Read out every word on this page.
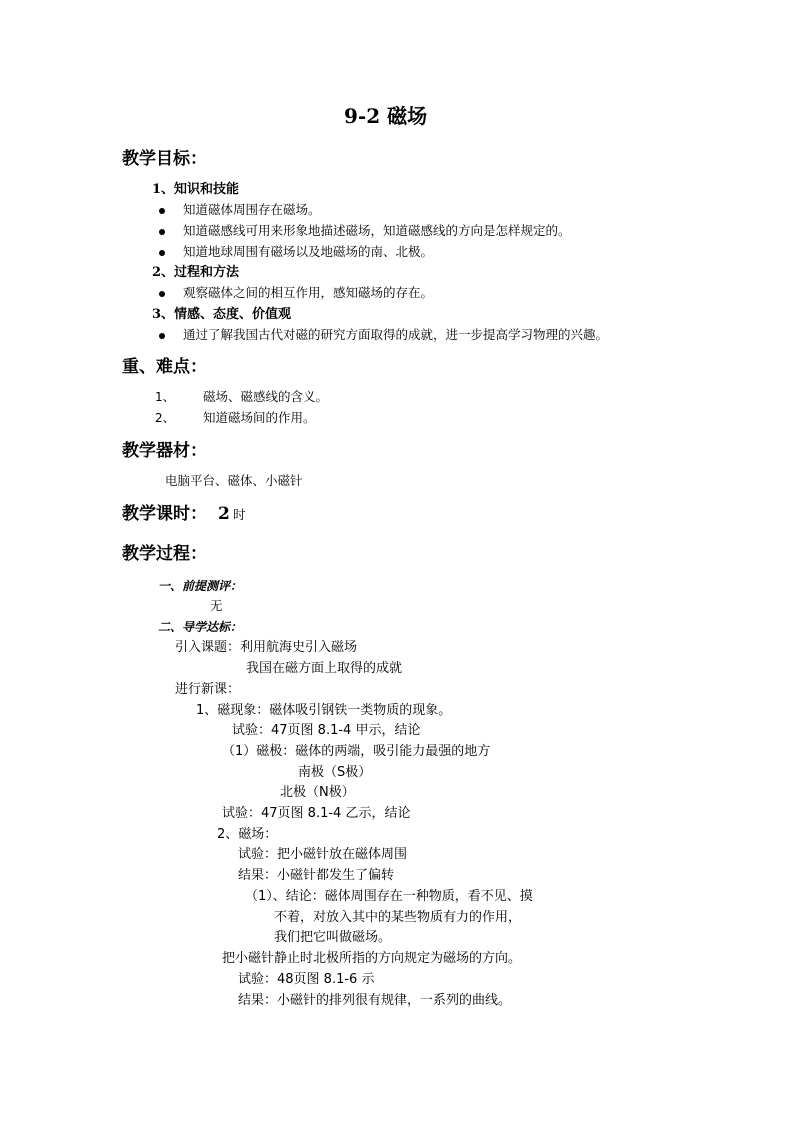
9-2 磁场
教学目标：
1、知识和技能
知道磁体周围存在磁场。
知道磁感线可用来形象地描述磁场，知道磁感线的方向是怎样规定的。
知道地球周围有磁场以及地磁场的南、北极。
2、过程和方法
观察磁体之间的相互作用，感知磁场的存在。
3、情感、态度、价值观
通过了解我国古代对磁的研究方面取得的成就，进一步提高学习物理的兴趣。
重、难点：
1、 磁场、磁感线的含义。
2、 知道磁场间的作用。
教学器材：
电脑平台、磁体、小磁针
教学课时： 2 时
教学过程：
一、前提测评：
无
二、导学达标：
引入课题：利用航海史引入磁场
我国在磁方面上取得的成就
进行新课：
1、磁现象：磁体吸引钢铁一类物质的现象。
试验：47页图 8.1-4 甲示，结论
（1）磁极：磁体的两端，吸引能力最强的地方
南极（S极）
北极（N极）
试验：47页图 8.1-4 乙示，结论
2、磁场：
试验：把小磁针放在磁体周围
结果：小磁针都发生了偏转
（1）、结论：磁体周围存在一种物质，看不见、摸
不着，对放入其中的某些物质有力的作用，
我们把它叫做磁场。
把小磁针静止时北极所指的方向规定为磁场的方向。
试验：48页图 8.1-6 示
结果：小磁针的排列很有规律，一系列的曲线。
